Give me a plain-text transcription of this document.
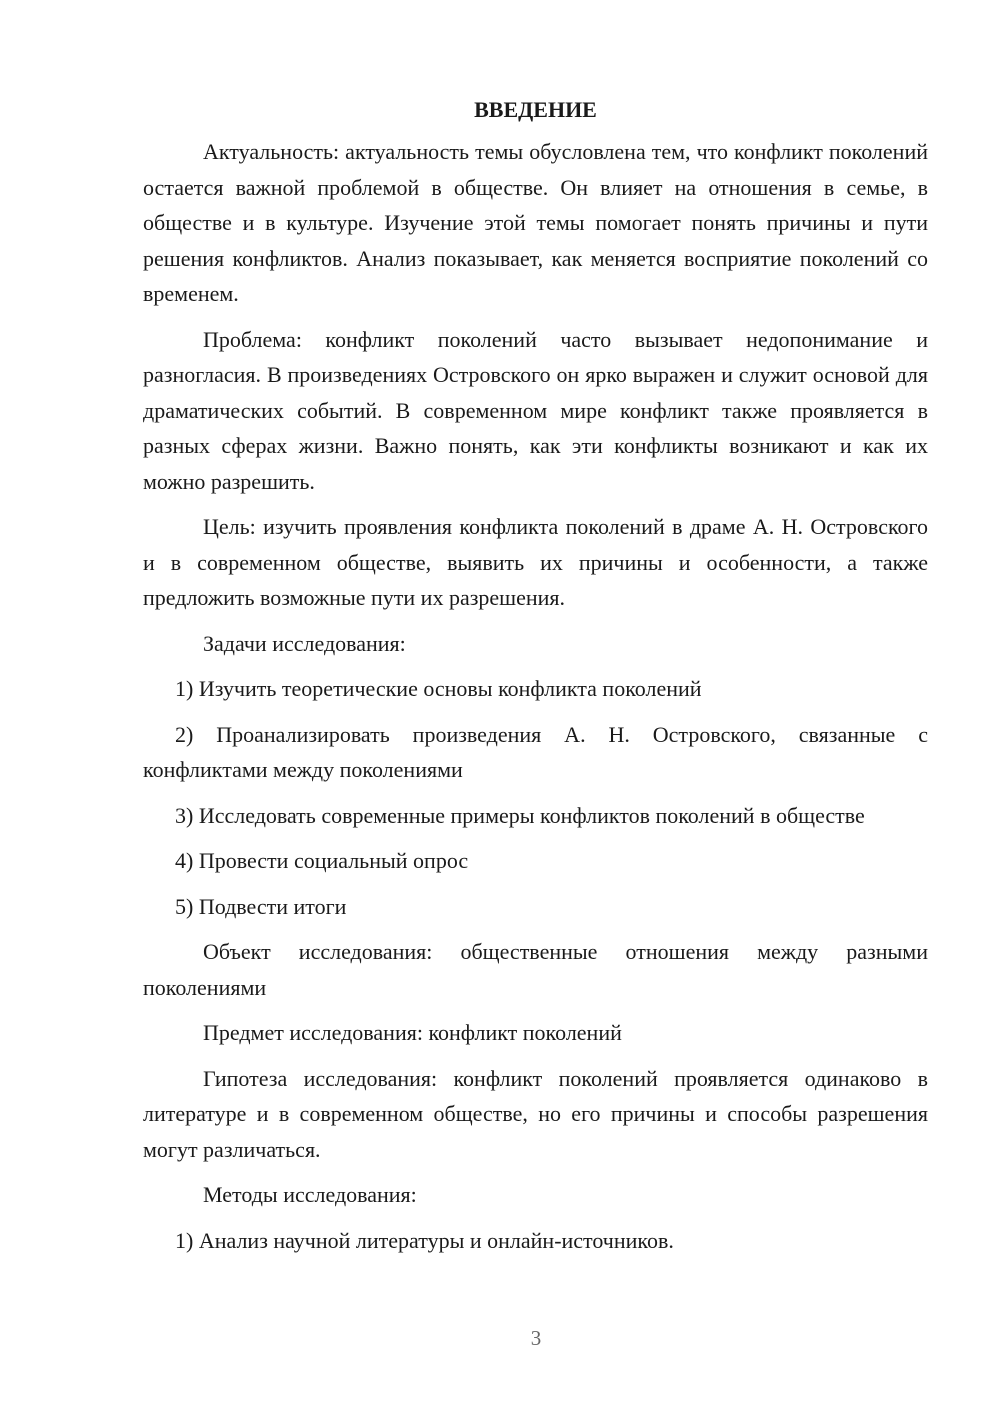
ВВЕДЕНИЕ

Актуальность: актуальность темы обусловлена тем, что конфликт поколений остается важной проблемой в обществе. Он влияет на отношения в семье, в обществе и в культуре. Изучение этой темы помогает понять причины и пути решения конфликтов. Анализ показывает, как меняется восприятие поколений со временем.

Проблема: конфликт поколений часто вызывает недопонимание и разногласия. В произведениях Островского он ярко выражен и служит основой для драматических событий. В современном мире конфликт также проявляется в разных сферах жизни. Важно понять, как эти конфликты возникают и как их можно разрешить.

Цель: изучить проявления конфликта поколений в драме А. Н. Островского и в современном обществе, выявить их причины и особенности, а также предложить возможные пути их разрешения.

Задачи исследования:

1) Изучить теоретические основы конфликта поколений

2) Проанализировать произведения А. Н. Островского, связанные с конфликтами между поколениями

3) Исследовать современные примеры конфликтов поколений в обществе

4) Провести социальный опрос

5) Подвести итоги

Объект исследования: общественные отношения между разными поколениями

Предмет исследования: конфликт поколений

Гипотеза исследования: конфликт поколений проявляется одинаково в литературе и в современном обществе, но его причины и способы разрешения могут различаться.

Методы исследования:

1) Анализ научной литературы и онлайн-источников.

3
